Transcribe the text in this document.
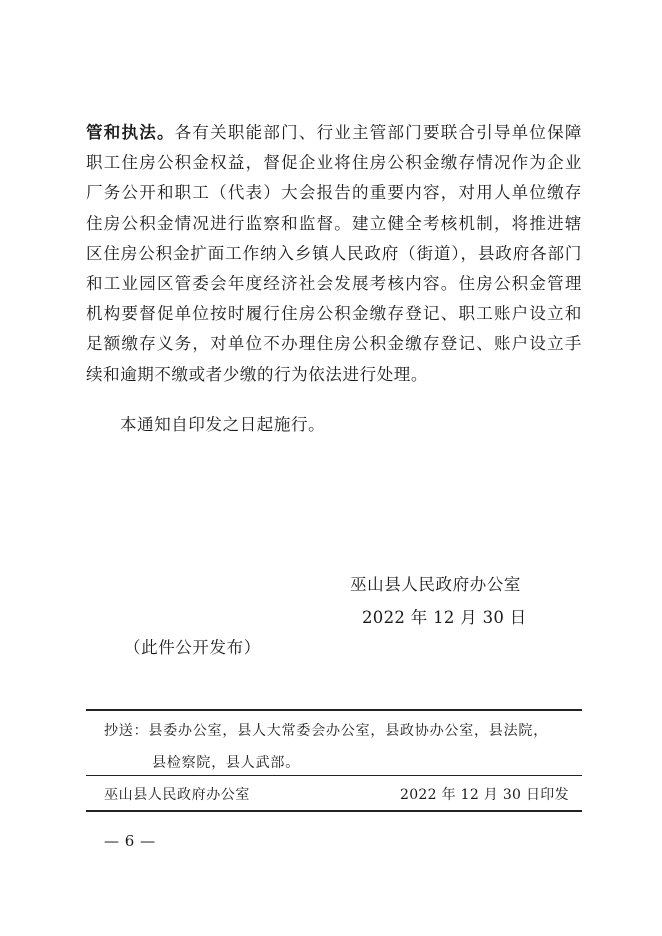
管和执法。各有关职能部门、行业主管部门要联合引导单位保障
职工住房公积金权益，督促企业将住房公积金缴存情况作为企业
厂务公开和职工（代表）大会报告的重要内容，对用人单位缴存
住房公积金情况进行监察和监督。建立健全考核机制，将推进辖
区住房公积金扩面工作纳入乡镇人民政府（街道），县政府各部门
和工业园区管委会年度经济社会发展考核内容。住房公积金管理
机构要督促单位按时履行住房公积金缴存登记、职工账户设立和
足额缴存义务，对单位不办理住房公积金缴存登记、账户设立手
续和逾期不缴或者少缴的行为依法进行处理。

本通知自印发之日起施行。

巫山县人民政府办公室
2022 年 12 月 30 日
（此件公开发布）
抄送：县委办公室，县人大常委会办公室，县政协办公室，县法院，
县检察院，县人武部。
巫山县人民政府办公室	2022 年 12 月 30 日印发
— 6 —
